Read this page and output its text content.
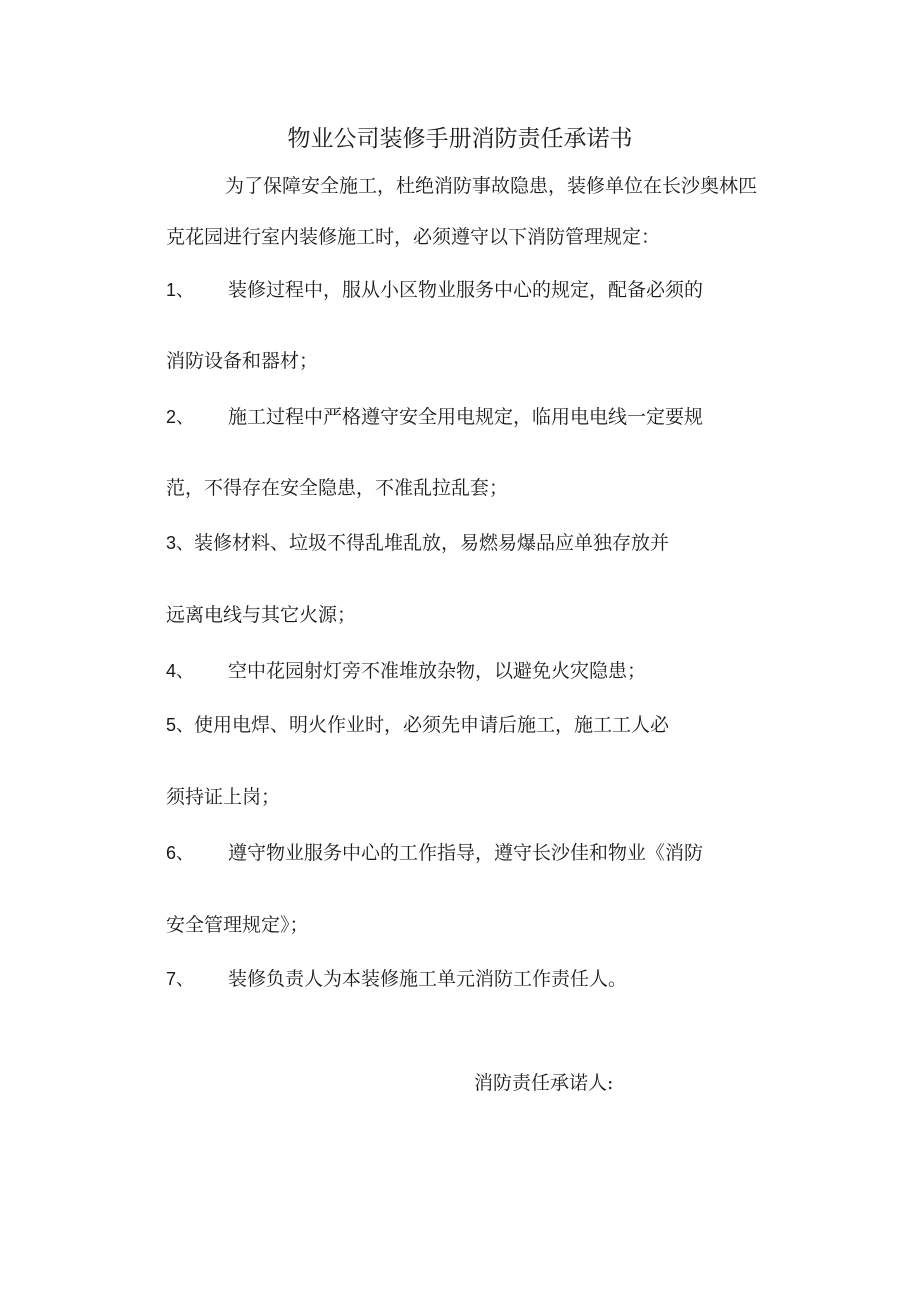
物业公司装修手册消防责任承诺书
为了保障安全施工，杜绝消防事故隐患，装修单位在长沙奥林匹
克花园进行室内装修施工时，必须遵守以下消防管理规定：
1、 装修过程中，服从小区物业服务中心的规定，配备必须的
消防设备和器材；
2、 施工过程中严格遵守安全用电规定，临用电电线一定要规
范，不得存在安全隐患，不准乱拉乱套；
3、装修材料、垃圾不得乱堆乱放，易燃易爆品应单独存放并
远离电线与其它火源；
4、 空中花园射灯旁不准堆放杂物，以避免火灾隐患；
5、使用电焊、明火作业时，必须先申请后施工，施工工人必
须持证上岗；
6、 遵守物业服务中心的工作指导，遵守长沙佳和物业《消防
安全管理规定》；
7、 装修负责人为本装修施工单元消防工作责任人。
消防责任承诺人:
